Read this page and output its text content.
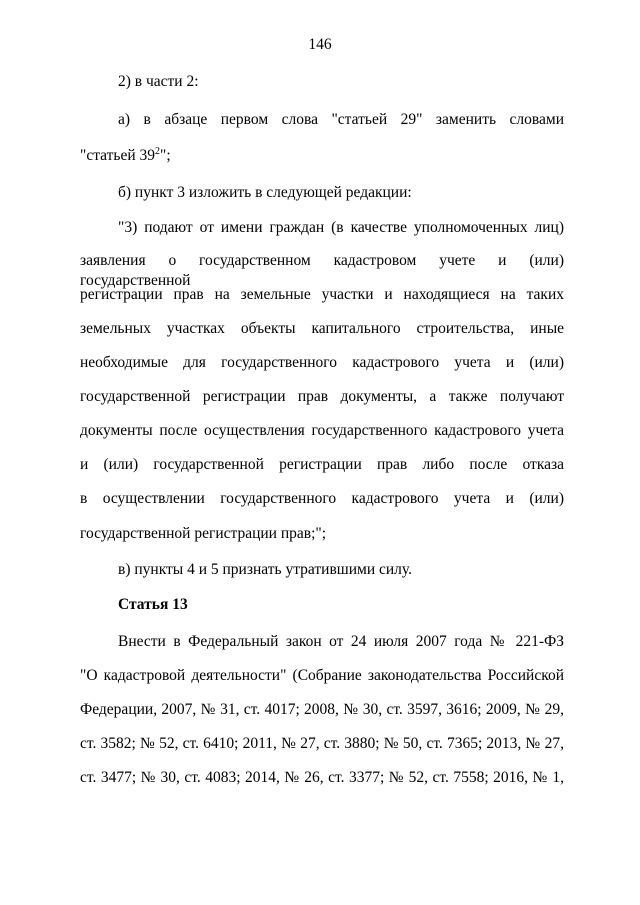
146
2) в части 2:
а) в абзаце первом слова "статьей 29" заменить словами
"статьей $39^2$";
б) пункт 3 изложить в следующей редакции:
"3) подают от имени граждан (в качестве уполномоченных лиц)
заявления о государственном кадастровом учете и (или) государственной
регистрации прав на земельные участки и находящиеся на таких
земельных участках объекты капитального строительства, иные
необходимые для государственного кадастрового учета и (или)
государственной регистрации прав документы, а также получают
документы после осуществления государственного кадастрового учета
и (или) государственной регистрации прав либо после отказа
в осуществлении государственного кадастрового учета и (или)
государственной регистрации прав;";
в) пункты 4 и 5 признать утратившими силу.
Статья 13
Внести в Федеральный закон от 24 июля 2007 года № 221-ФЗ
"О кадастровой деятельности" (Собрание законодательства Российской
Федерации, 2007, № 31, ст. 4017; 2008, № 30, ст. 3597, 3616; 2009, № 29,
ст. 3582; № 52, ст. 6410; 2011, № 27, ст. 3880; № 50, ст. 7365; 2013, № 27,
ст. 3477; № 30, ст. 4083; 2014, № 26, ст. 3377; № 52, ст. 7558; 2016, № 1,
